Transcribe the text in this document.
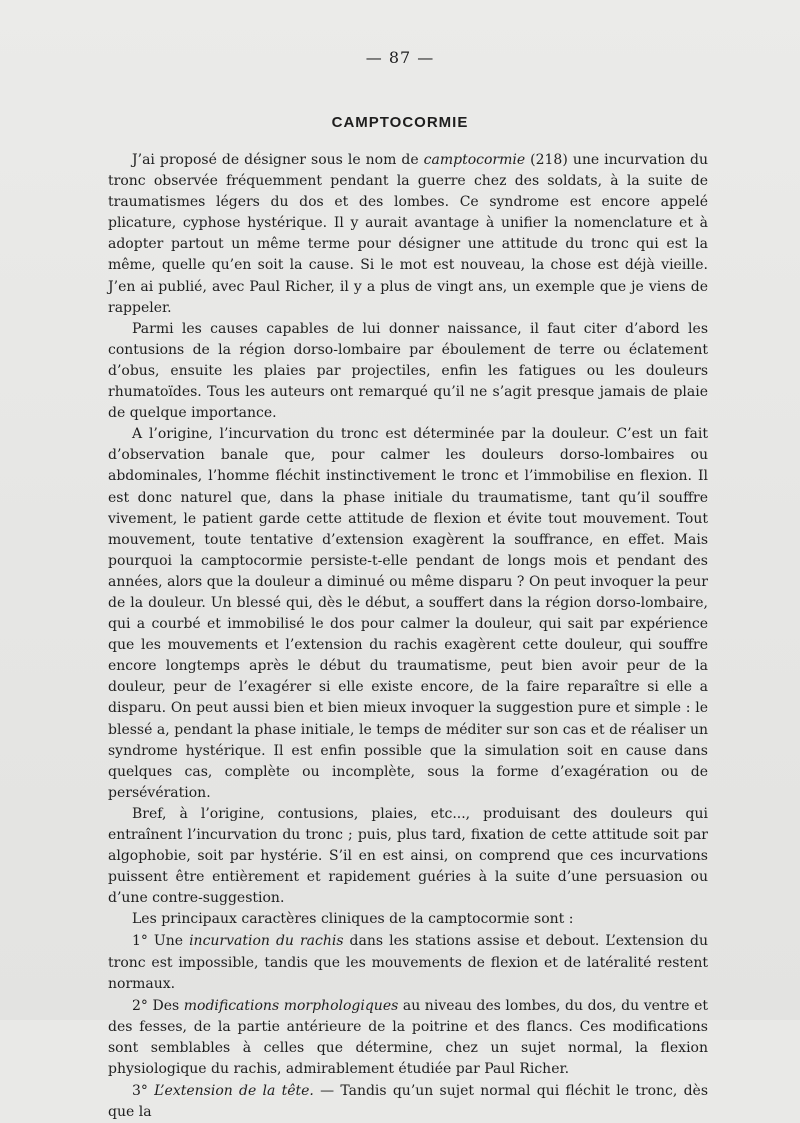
— 87 —
CAMPTOCORMIE

J’ai proposé de désigner sous le nom de camptocormie (218) une incurvation du tronc observée fréquemment pendant la guerre chez des soldats, à la suite de traumatismes légers du dos et des lombes. Ce syndrome est encore appelé plicature, cyphose hystérique. Il y aurait avantage à unifier la nomenclature et à adopter partout un même terme pour désigner une attitude du tronc qui est la même, quelle qu’en soit la cause. Si le mot est nouveau, la chose est déjà vieille. J’en ai publié, avec Paul Richer, il y a plus de vingt ans, un exemple que je viens de rappeler.

Parmi les causes capables de lui donner naissance, il faut citer d’abord les contusions de la région dorso-lombaire par éboulement de terre ou éclatement d’obus, ensuite les plaies par projectiles, enfin les fatigues ou les douleurs rhumatoïdes. Tous les auteurs ont remarqué qu’il ne s’agit presque jamais de plaie de quelque importance.

A l’origine, l’incurvation du tronc est déterminée par la douleur. C’est un fait d’observation banale que, pour calmer les douleurs dorso-lombaires ou abdominales, l’homme fléchit instinctivement le tronc et l’immobilise en flexion. Il est donc naturel que, dans la phase initiale du traumatisme, tant qu’il souffre vivement, le patient garde cette attitude de flexion et évite tout mouvement. Tout mouvement, toute tentative d’extension exagèrent la souffrance, en effet. Mais pourquoi la camptocormie persiste-t-elle pendant de longs mois et pendant des années, alors que la douleur a diminué ou même disparu ? On peut invoquer la peur de la douleur. Un blessé qui, dès le début, a souffert dans la région dorso-lombaire, qui a courbé et immobilisé le dos pour calmer la douleur, qui sait par expérience que les mouvements et l’extension du rachis exagèrent cette douleur, qui souffre encore longtemps après le début du traumatisme, peut bien avoir peur de la douleur, peur de l’exagérer si elle existe encore, de la faire reparaître si elle a disparu. On peut aussi bien et bien mieux invoquer la suggestion pure et simple : le blessé a, pendant la phase initiale, le temps de méditer sur son cas et de réaliser un syndrome hystérique. Il est enfin possible que la simulation soit en cause dans quelques cas, complète ou incomplète, sous la forme d’exagération ou de persévération.

Bref, à l’origine, contusions, plaies, etc..., produisant des douleurs qui entraînent l’incurvation du tronc ; puis, plus tard, fixation de cette attitude soit par algophobie, soit par hystérie. S’il en est ainsi, on comprend que ces incurvations puissent être entièrement et rapidement guéries à la suite d’une persuasion ou d’une contre-suggestion.

Les principaux caractères cliniques de la camptocormie sont :

1° Une incurvation du rachis dans les stations assise et debout. L’extension du tronc est impossible, tandis que les mouvements de flexion et de latéralité restent normaux.

2° Des modifications morphologiques au niveau des lombes, du dos, du ventre et des fesses, de la partie antérieure de la poitrine et des flancs. Ces modifications sont semblables à celles que détermine, chez un sujet normal, la flexion physiologique du rachis, admirablement étudiée par Paul Richer.

3° L’extension de la tête. — Tandis qu’un sujet normal qui fléchit le tronc, dès que la
